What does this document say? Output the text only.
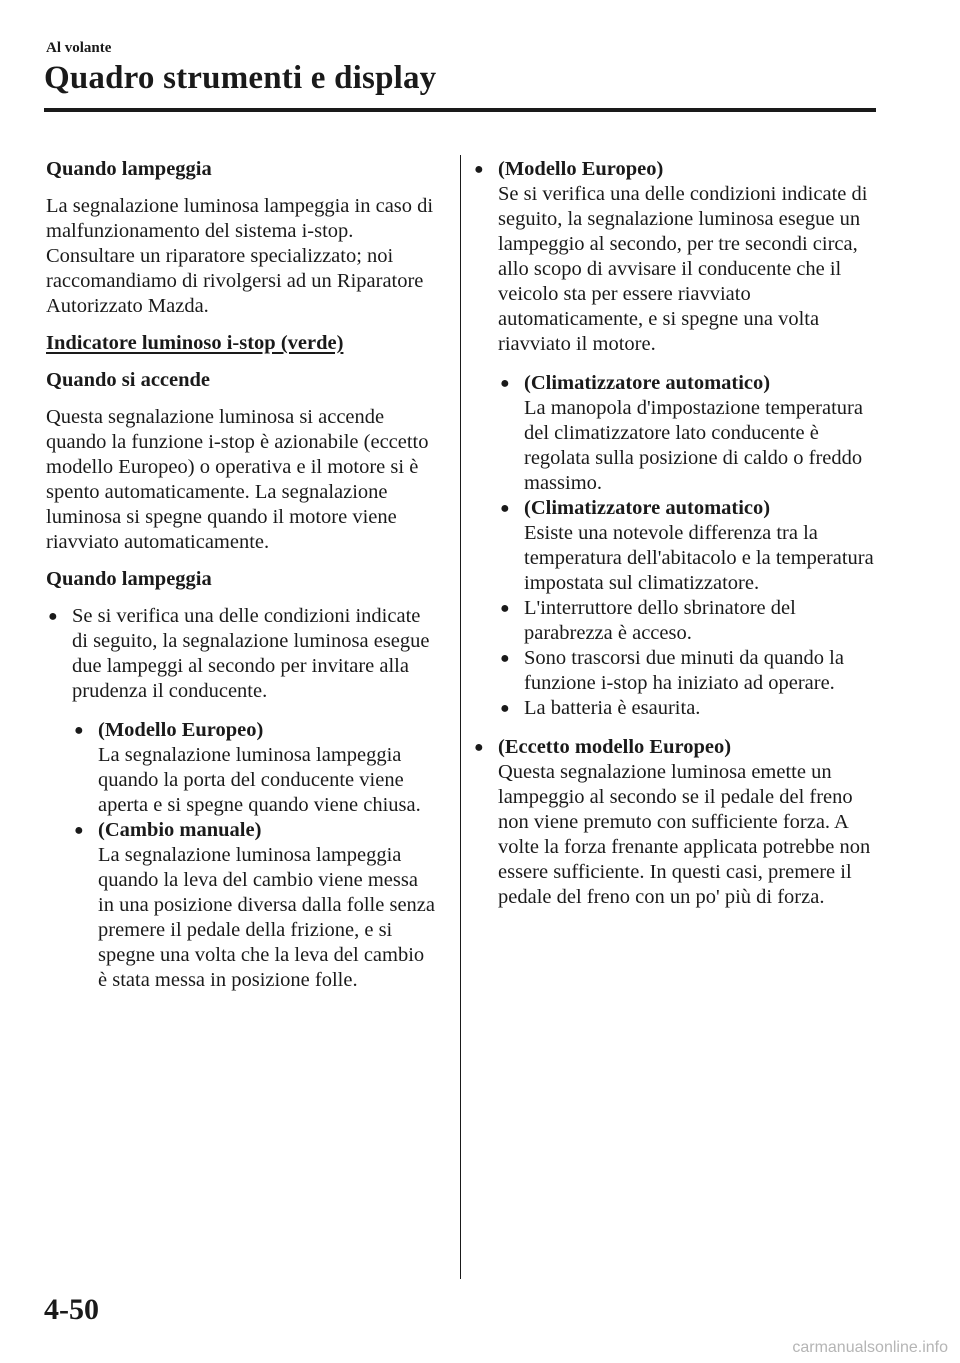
Al volante
Quadro strumenti e display

Quando lampeggia

La segnalazione luminosa lampeggia in caso di malfunzionamento del sistema i-stop. Consultare un riparatore specializzato; noi raccomandiamo di rivolgersi ad un Riparatore Autorizzato Mazda.

Indicatore luminoso i-stop (verde)

Quando si accende

Questa segnalazione luminosa si accende quando la funzione i-stop è azionabile (eccetto modello Europeo) o operativa e il motore si è spento automaticamente. La segnalazione luminosa si spegne quando il motore viene riavviato automaticamente.

Quando lampeggia

● Se si verifica una delle condizioni indicate di seguito, la segnalazione luminosa esegue due lampeggi al secondo per invitare alla prudenza il conducente.
● (Modello Europeo)
La segnalazione luminosa lampeggia quando la porta del conducente viene aperta e si spegne quando viene chiusa.
● (Cambio manuale)
La segnalazione luminosa lampeggia quando la leva del cambio viene messa in una posizione diversa dalla folle senza premere il pedale della frizione, e si spegne una volta che la leva del cambio è stata messa in posizione folle.
● (Modello Europeo)
Se si verifica una delle condizioni indicate di seguito, la segnalazione luminosa esegue un lampeggio al secondo, per tre secondi circa, allo scopo di avvisare il conducente che il veicolo sta per essere riavviato automaticamente, e si spegne una volta riavviato il motore.
● (Climatizzatore automatico)
La manopola d'impostazione temperatura del climatizzatore lato conducente è regolata sulla posizione di caldo o freddo massimo.
● (Climatizzatore automatico)
Esiste una notevole differenza tra la temperatura dell'abitacolo e la temperatura impostata sul climatizzatore.
● L'interruttore dello sbrinatore del parabrezza è acceso.
● Sono trascorsi due minuti da quando la funzione i-stop ha iniziato ad operare.
● La batteria è esaurita.
● (Eccetto modello Europeo)
Questa segnalazione luminosa emette un lampeggio al secondo se il pedale del freno non viene premuto con sufficiente forza. A volte la forza frenante applicata potrebbe non essere sufficiente. In questi casi, premere il pedale del freno con un po' più di forza.
4-50
carmanualsonline.info
